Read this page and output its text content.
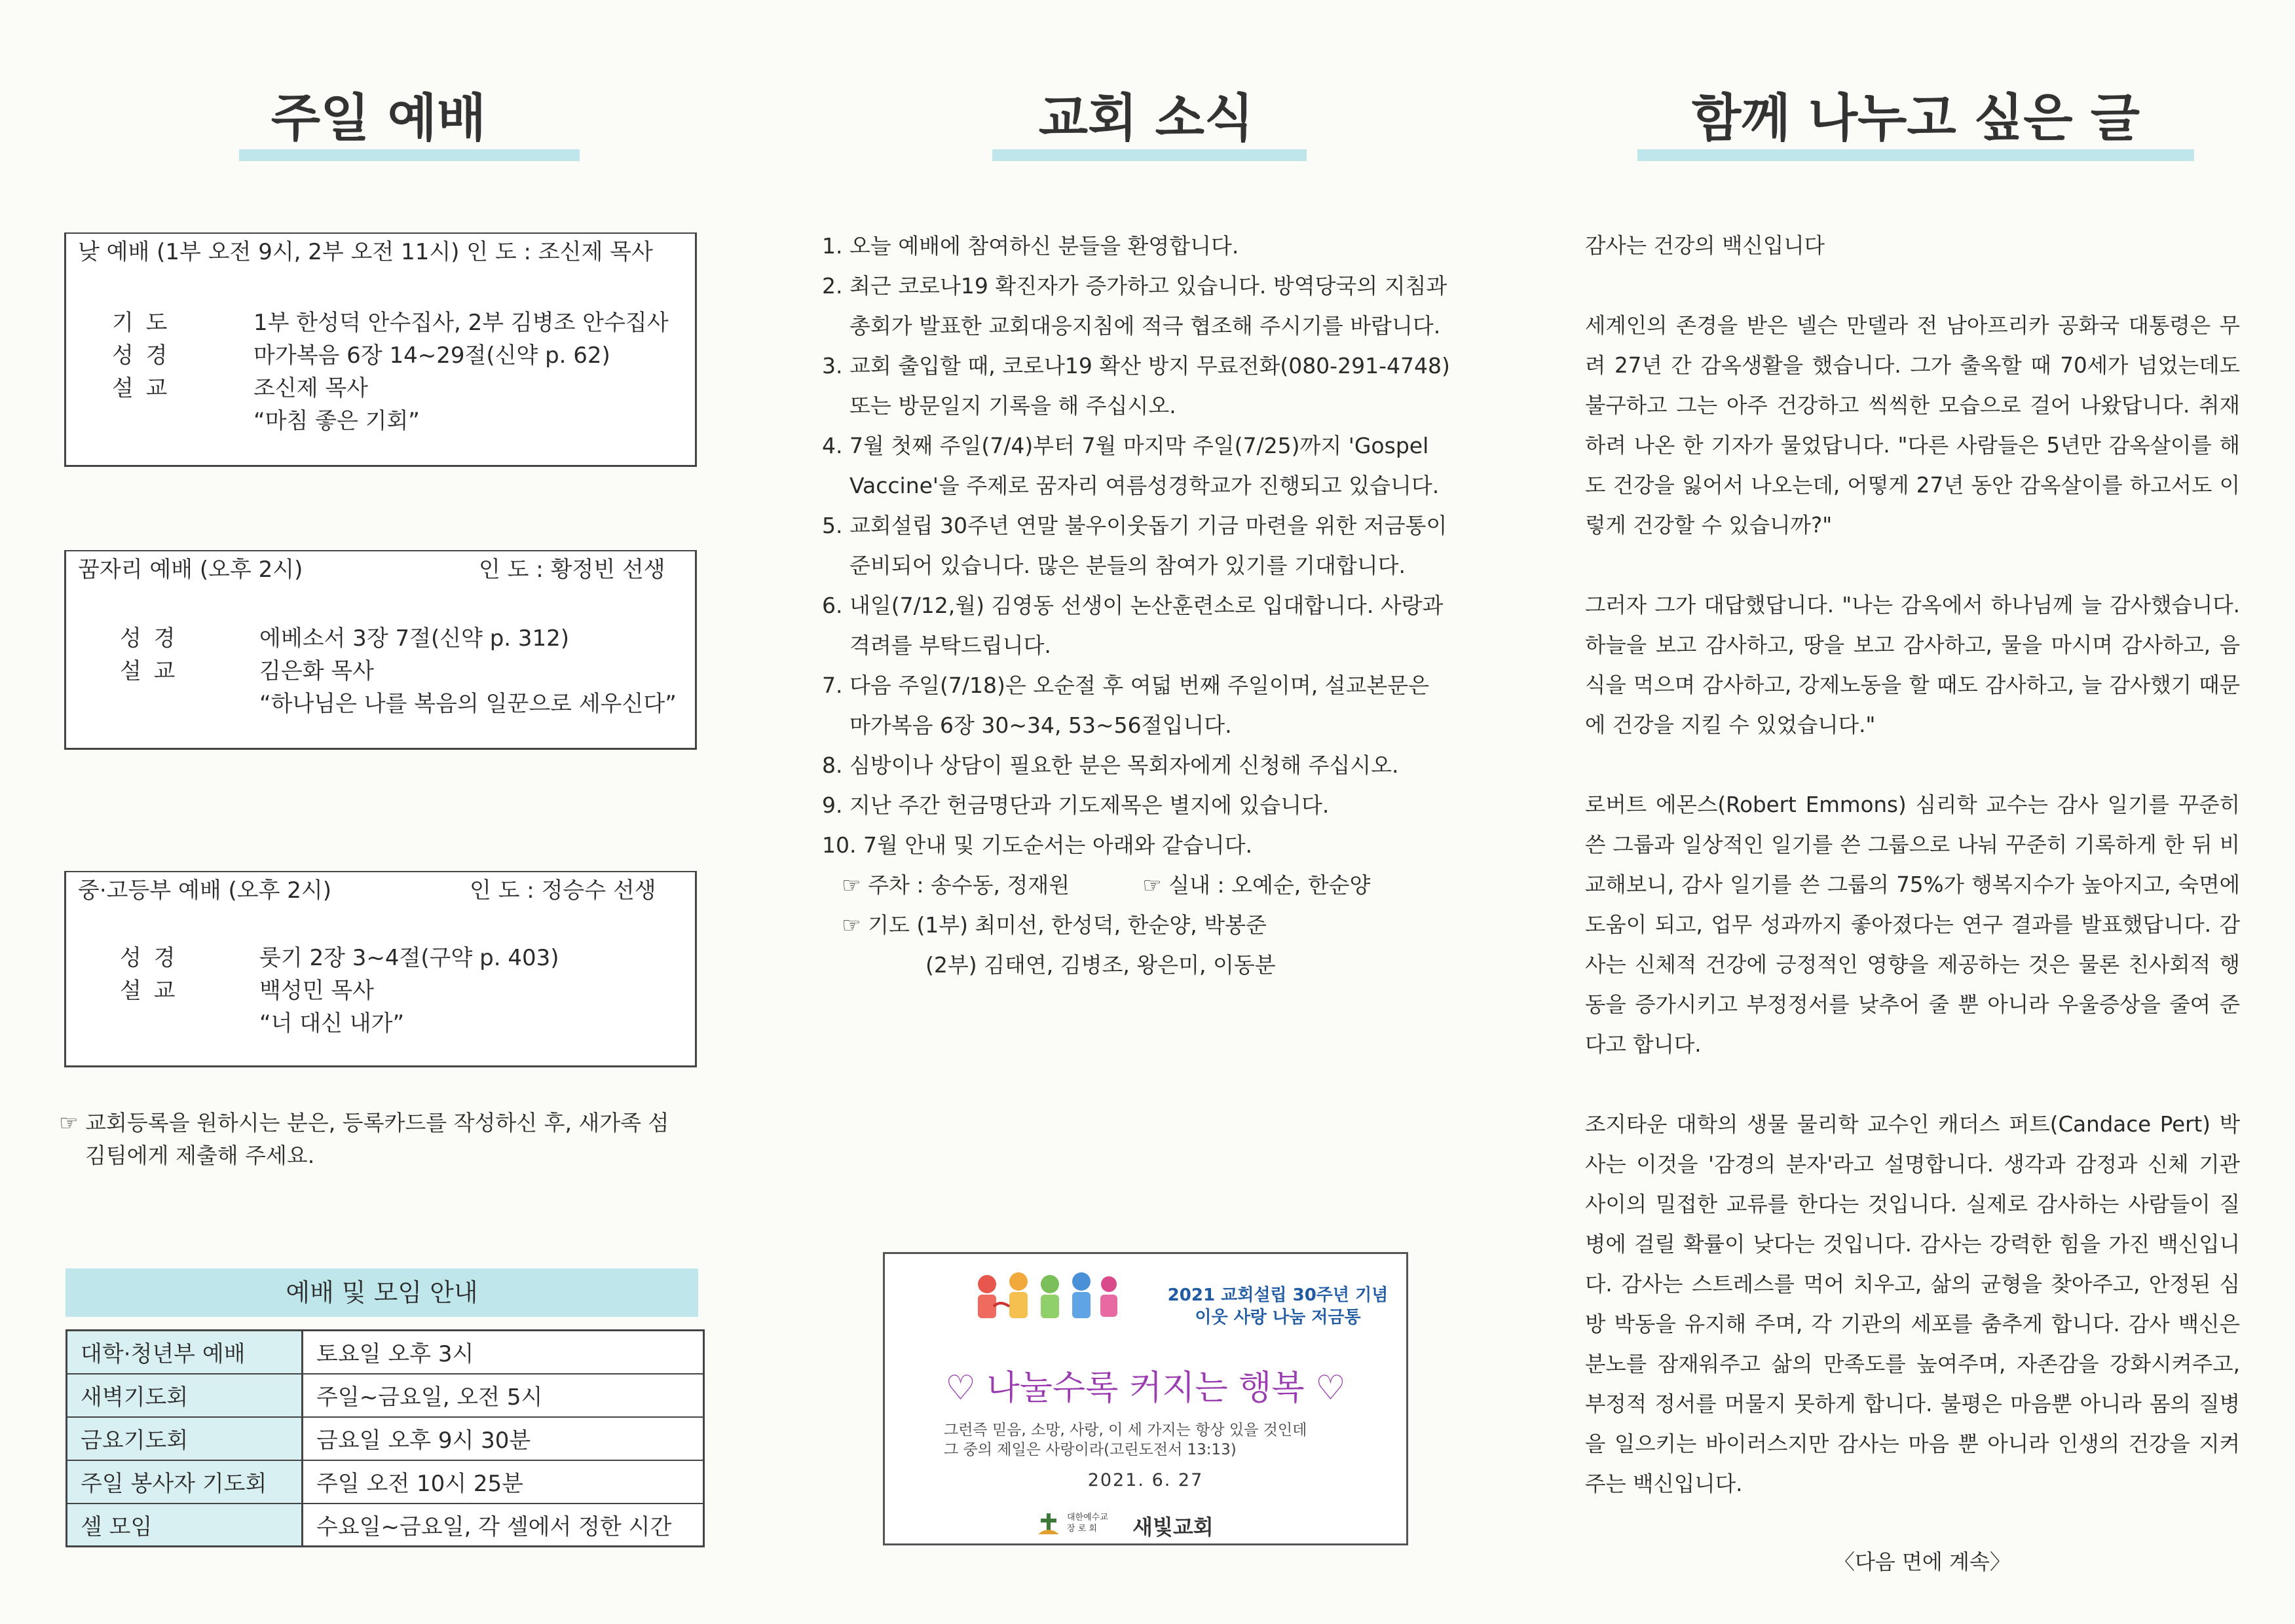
주일 예배
낮 예배 (1부 오전 9시, 2부 오전 11시) 인 도 : 조신제 목사
기 도	1부 한성덕 안수집사, 2부 김병조 안수집사
성 경	마가복음 6장 14~29절(신약 p. 62)
설 교	조신제 목사
“마침 좋은 기회”
꿈자리 예배 (오후 2시)	인 도 : 황정빈 선생
성 경	에베소서 3장 7절(신약 p. 312)
설 교	김은화 목사
“하나님은 나를 복음의 일꾼으로 세우신다”
중·고등부 예배 (오후 2시)	인 도 : 정승수 선생
성 경	룻기 2장 3~4절(구약 p. 403)
설 교	백성민 목사
“너 대신 내가”
☞ 교회등록을 원하시는 분은, 등록카드를 작성하신 후, 새가족 섬김팀에게 제출해 주세요.
예배 및 모임 안내
대학·청년부 예배	토요일 오후 3시
새벽기도회	주일~금요일, 오전 5시
금요기도회	금요일 오후 9시 30분
주일 봉사자 기도회	주일 오전 10시 25분
셀 모임	수요일~금요일, 각 셀에서 정한 시간
교회 소식
1. 오늘 예배에 참여하신 분들을 환영합니다.
2. 최근 코로나19 확진자가 증가하고 있습니다. 방역당국의 지침과
총회가 발표한 교회대응지침에 적극 협조해 주시기를 바랍니다.
3. 교회 출입할 때, 코로나19 확산 방지 무료전화(080-291-4748)
또는 방문일지 기록을 해 주십시오.
4. 7월 첫째 주일(7/4)부터 7월 마지막 주일(7/25)까지 'Gospel
Vaccine'을 주제로 꿈자리 여름성경학교가 진행되고 있습니다.
5. 교회설립 30주년 연말 불우이웃돕기 기금 마련을 위한 저금통이
준비되어 있습니다. 많은 분들의 참여가 있기를 기대합니다.
6. 내일(7/12,월) 김영동 선생이 논산훈련소로 입대합니다. 사랑과
격려를 부탁드립니다.
7. 다음 주일(7/18)은 오순절 후 여덟 번째 주일이며, 설교본문은
마가복음 6장 30~34, 53~56절입니다.
8. 심방이나 상담이 필요한 분은 목회자에게 신청해 주십시오.
9. 지난 주간 헌금명단과 기도제목은 별지에 있습니다.
10. 7월 안내 및 기도순서는 아래와 같습니다.
☞ 주차 : 송수동, 정재원	☞ 실내 : 오예순, 한순양
☞ 기도 (1부) 최미선, 한성덕, 한순양, 박봉준
(2부) 김태연, 김병조, 왕은미, 이동분
2021 교회설립 30주년 기념
이웃 사랑 나눔 저금통
♡ 나눌수록 커지는 행복 ♡
그런즉 믿음, 소망, 사랑, 이 세 가지는 항상 있을 것인데
그 중의 제일은 사랑이라(고린도전서 13:13)
2021. 6. 27
대한예수교
장 로 회	새빛교회
함께 나누고 싶은 글

감사는 건강의 백신입니다

세계인의 존경을 받은 넬슨 만델라 전 남아프리카 공화국 대통령은 무려 27년 간 감옥생활을 했습니다. 그가 출옥할 때 70세가 넘었는데도 불구하고 그는 아주 건강하고 씩씩한 모습으로 걸어 나왔답니다. 취재하려 나온 한 기자가 물었답니다. "다른 사람들은 5년만 감옥살이를 해도 건강을 잃어서 나오는데, 어떻게 27년 동안 감옥살이를 하고서도 이렇게 건강할 수 있습니까?"

그러자 그가 대답했답니다. "나는 감옥에서 하나님께 늘 감사했습니다. 하늘을 보고 감사하고, 땅을 보고 감사하고, 물을 마시며 감사하고, 음식을 먹으며 감사하고, 강제노동을 할 때도 감사하고, 늘 감사했기 때문에 건강을 지킬 수 있었습니다."

로버트 에몬스(Robert Emmons) 심리학 교수는 감사 일기를 꾸준히 쓴 그룹과 일상적인 일기를 쓴 그룹으로 나눠 꾸준히 기록하게 한 뒤 비교해보니, 감사 일기를 쓴 그룹의 75%가 행복지수가 높아지고, 숙면에 도움이 되고, 업무 성과까지 좋아졌다는 연구 결과를 발표했답니다. 감사는 신체적 건강에 긍정적인 영향을 제공하는 것은 물론 친사회적 행동을 증가시키고 부정정서를 낮추어 줄 뿐 아니라 우울증상을 줄여 준다고 합니다.

조지타운 대학의 생물 물리학 교수인 캐더스 퍼트(Candace Pert) 박사는 이것을 '감경의 분자'라고 설명합니다. 생각과 감정과 신체 기관 사이의 밀접한 교류를 한다는 것입니다. 실제로 감사하는 사람들이 질병에 걸릴 확률이 낮다는 것입니다. 감사는 강력한 힘을 가진 백신입니다. 감사는 스트레스를 먹어 치우고, 삶의 균형을 찾아주고, 안정된 심방 박동을 유지해 주며, 각 기관의 세포를 춤추게 합니다. 감사 백신은 분노를 잠재워주고 삶의 만족도를 높여주며, 자존감을 강화시켜주고, 부정적 정서를 머물지 못하게 합니다. 불평은 마음뿐 아니라 몸의 질병을 일으키는 바이러스지만 감사는 마음 뿐 아니라 인생의 건강을 지켜주는 백신입니다.

〈다음 면에 계속〉
